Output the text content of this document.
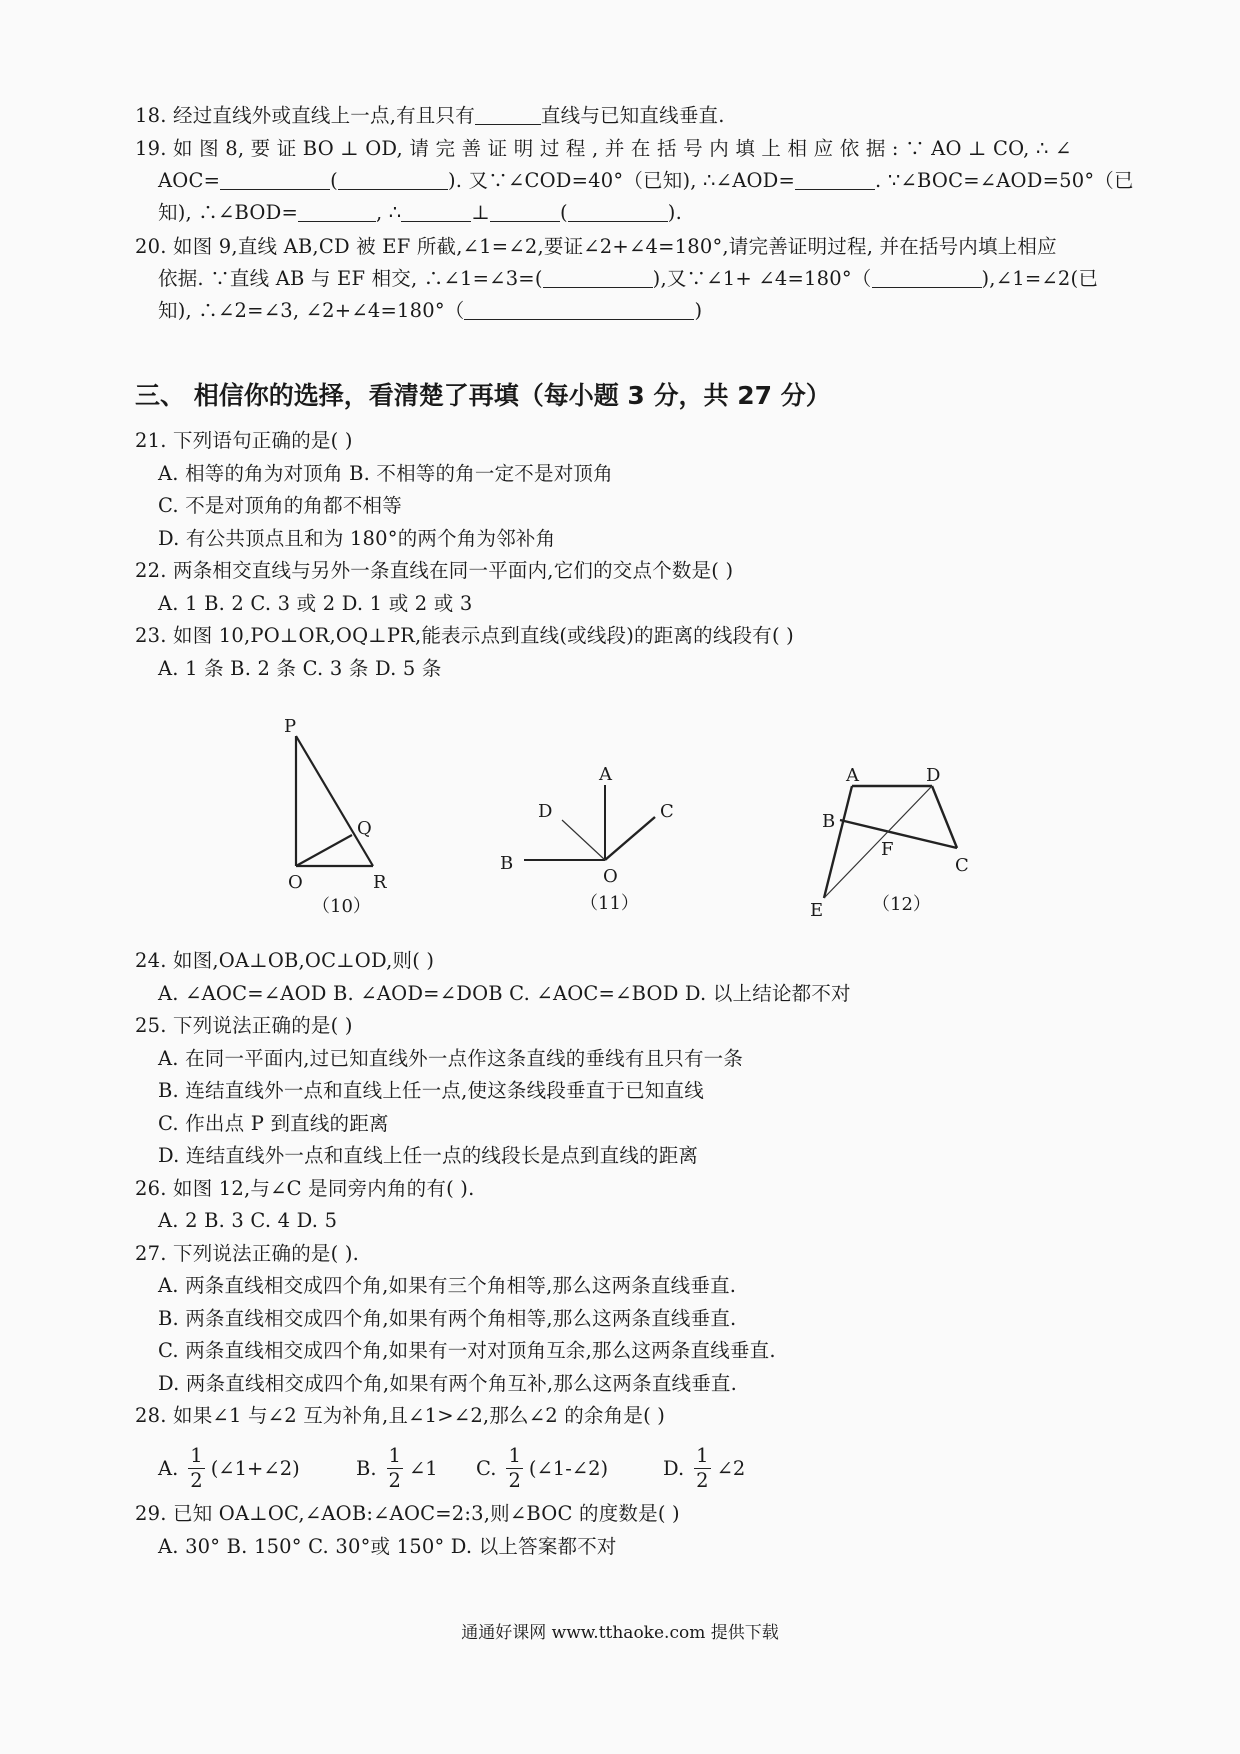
18. 经过直线外或直线上一点,有且只有	直线与已知直线垂直.
19. 如 图 8, 要 证 BO ⊥ OD, 请 完 善 证 明 过 程 , 并 在 括 号 内 填 上 相 应 依 据 : ∵ AO ⊥ CO, ∴ ∠
AOC=	(	). 又∵∠COD=40°（已知), ∴∠AOD=	. ∵∠BOC=∠AOD=50°（已
知), ∴∠BOD=	, ∴	⊥	(	).
20. 如图 9,直线 AB,CD 被 EF 所截,∠1=∠2,要证∠2+∠4=180°,请完善证明过程, 并在括号内填上相应
依据. ∵直线 AB 与 EF 相交, ∴∠1=∠3=(	),又∵∠1+ ∠4=180°（	),∠1=∠2(已
知), ∴∠2=∠3, ∠2+∠4=180°（	)
三、 相信你的选择，看清楚了再填（每小题 3 分，共 27 分）
21. 下列语句正确的是( )
A. 相等的角为对顶角 B. 不相等的角一定不是对顶角
C. 不是对顶角的角都不相等
D. 有公共顶点且和为 180°的两个角为邻补角
22. 两条相交直线与另外一条直线在同一平面内,它们的交点个数是( )
A. 1 B. 2 C. 3 或 2 D. 1 或 2 或 3
23. 如图 10,PO⊥OR,OQ⊥PR,能表示点到直线(或线段)的距离的线段有( )
A. 1 条 B. 2 条 C. 3 条 D. 5 条
P
Q
O	R
（10）
A
B
C
D
O
（11）
A	D
B
F
C
E	（12）
24. 如图,OA⊥OB,OC⊥OD,则( )
A. ∠AOC=∠AOD B. ∠AOD=∠DOB C. ∠AOC=∠BOD D. 以上结论都不对
25. 下列说法正确的是( )
A. 在同一平面内,过已知直线外一点作这条直线的垂线有且只有一条
B. 连结直线外一点和直线上任一点,使这条线段垂直于已知直线
C. 作出点 P 到直线的距离
D. 连结直线外一点和直线上任一点的线段长是点到直线的距离
26. 如图 12,与∠C 是同旁内角的有( ).
A. 2 B. 3 C. 4 D. 5
27. 下列说法正确的是( ).
A. 两条直线相交成四个角,如果有三个角相等,那么这两条直线垂直.
B. 两条直线相交成四个角,如果有两个角相等,那么这两条直线垂直.
C. 两条直线相交成四个角,如果有一对对顶角互余,那么这两条直线垂直.
D. 两条直线相交成四个角,如果有两个角互补,那么这两条直线垂直.
28. 如果∠1 与∠2 互为补角,且∠1>∠2,那么∠2 的余角是( )
A. $\frac{1}{2}$ (∠1+∠2)	B. $\frac{1}{2}$ ∠1 C. $\frac{1}{2}$ (∠1-∠2)	D. $\frac{1}{2}$ ∠2
29. 已知 OA⊥OC,∠AOB:∠AOC=2:3,则∠BOC 的度数是( )
A. 30° B. 150° C. 30°或 150° D. 以上答案都不对
通通好课网 www.tthaoke.com 提供下载
